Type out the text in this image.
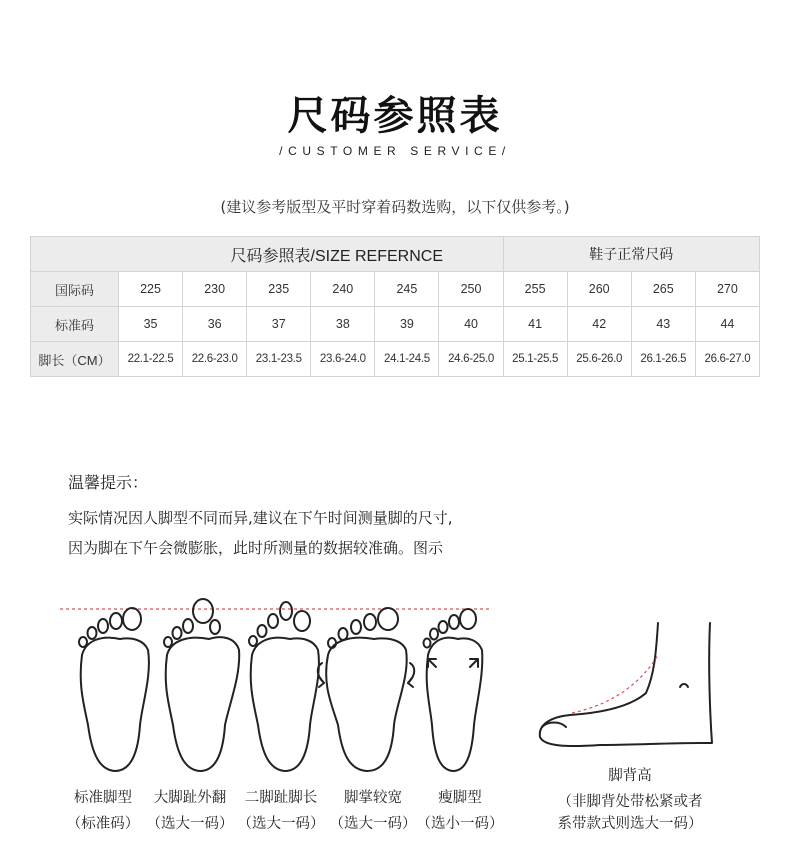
尺码参照表
/CUSTOMER SERVICE/
(建议参考版型及平时穿着码数选购，以下仅供参考。)
尺码参照表/SIZE REFERNCE							鞋子正常尺码			
国际码	225	230	235	240	245	250	255	260	265	270
标准码	35	36	37	38	39	40	41	42	43	44
脚长（CM）	22.1-22.5	22.6-23.0	23.1-23.5	23.6-24.0	24.1-24.5	24.6-25.0	25.1-25.5	25.6-26.0	26.1-26.5	26.6-27.0
温馨提示：
实际情况因人脚型不同而异,建议在下午时间测量脚的尺寸,
因为脚在下午会微膨胀，此时所测量的数据较准确。图示
标准脚型
（标准码）
大脚趾外翻
（选大一码）
二脚趾脚长
（选大一码）
脚掌较宽
（选大一码）
瘦脚型
（选小一码）
脚背高
（非脚背处带松紧或者
系带款式则选大一码）
